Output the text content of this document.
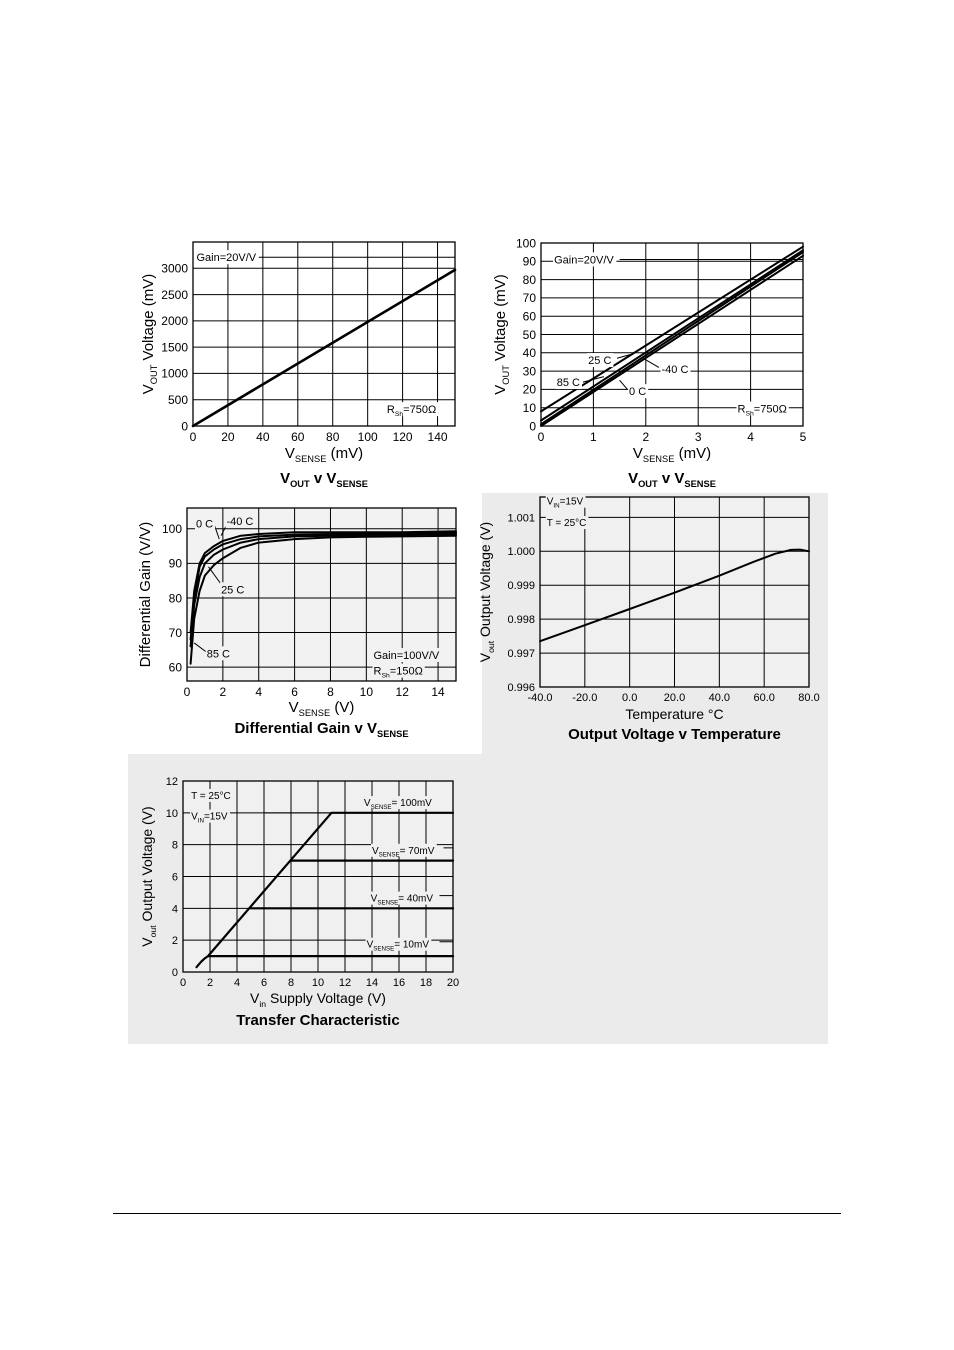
0 20 40 60 80 100 120 140
0
500
1000
1500
2000
2500
3000
Gain=20V/V
$R_{Sh}=750\Omega$
$V_{SENSE}$ (mV)
$V_{OUT}$ Voltage (mV)
$V_{OUT}$ v $V_{SENSE}$
0	1	2	3	4	5
0
10
20
30
40
50
60
70
80
90
100
Gain=20V/V
25 C
-40 C
85 C
0 C
$R_{Sh}=750\Omega$
$V_{SENSE}$ (mV)
$V_{OUT}$ Voltage (mV)
$V_{OUT}$ v $V_{SENSE}$
0 2 4 6 8 10 12 14
60
70
80
90
100 0 C -40 C
25 C
85 C	Gain=100V/V
$R_{Sh}=150\Omega$
$V_{SENSE}$ (V)
Differential Gain (V/V)
Differential Gain v $V_{SENSE}$
-40.0 -20.0 0.0 20.0 40.0 60.0 80.0
0.996
0.997
0.998
0.999
1.000
1.001
$V_{IN}=15V$
T = 25°C
Temperature °C
$V_{out}$ Output Voltage (V)
Output Voltage v Temperature
0 2 4 6 8 10 12 14 16 18 20
0
2
4
6
8
10
12
T = 25°C
$V_{IN}=15V$
$V_{SENSE}= 100mV$
$V_{SENSE}= 70mV$
$V_{SENSE}= 40mV$
$V_{SENSE}= 10mV$
$V_{in}$ Supply Voltage (V)
$V_{out}$ Output Voltage (V)
Transfer Characteristic
